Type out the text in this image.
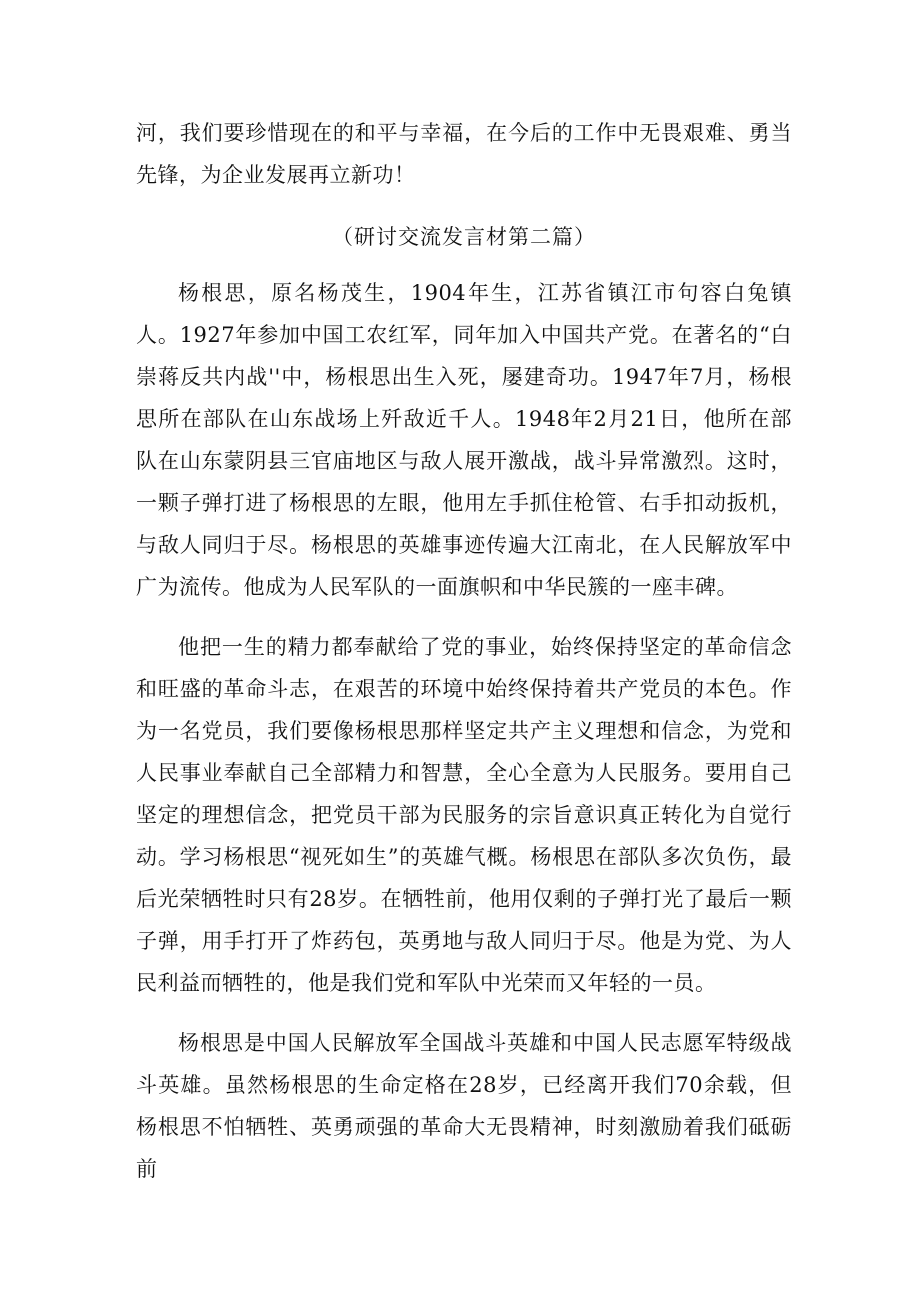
河，我们要珍惜现在的和平与幸福，在今后的工作中无畏艰难、勇当先锋，为企业发展再立新功！

（研讨交流发言材第二篇）

杨根思，原名杨茂生，1904年生，江苏省镇江市句容白兔镇人。1927年参加中国工农红军，同年加入中国共产党。在著名的“白崇蒋反共内战''中，杨根思出生入死，屡建奇功。1947年7月，杨根思所在部队在山东战场上歼敌近千人。1948年2月21日，他所在部队在山东蒙阴县三官庙地区与敌人展开激战，战斗异常激烈。这时，一颗子弹打进了杨根思的左眼，他用左手抓住枪管、右手扣动扳机，与敌人同归于尽。杨根思的英雄事迹传遍大江南北，在人民解放军中广为流传。他成为人民军队的一面旗帜和中华民簇的一座丰碑。

他把一生的精力都奉献给了党的事业，始终保持坚定的革命信念和旺盛的革命斗志，在艰苦的环境中始终保持着共产党员的本色。作为一名党员，我们要像杨根思那样坚定共产主义理想和信念，为党和人民事业奉献自己全部精力和智慧，全心全意为人民服务。要用自己坚定的理想信念，把党员干部为民服务的宗旨意识真正转化为自觉行动。学习杨根思“视死如生”的英雄气概。杨根思在部队多次负伤，最后光荣牺牲时只有28岁。在牺牲前，他用仅剩的子弹打光了最后一颗子弹，用手打开了炸药包，英勇地与敌人同归于尽。他是为党、为人民利益而牺牲的，他是我们党和军队中光荣而又年轻的一员。

杨根思是中国人民解放军全国战斗英雄和中国人民志愿军特级战斗英雄。虽然杨根思的生命定格在28岁，已经离开我们70余载，但杨根思不怕牺牲、英勇顽强的革命大无畏精神，时刻激励着我们砥砺前
